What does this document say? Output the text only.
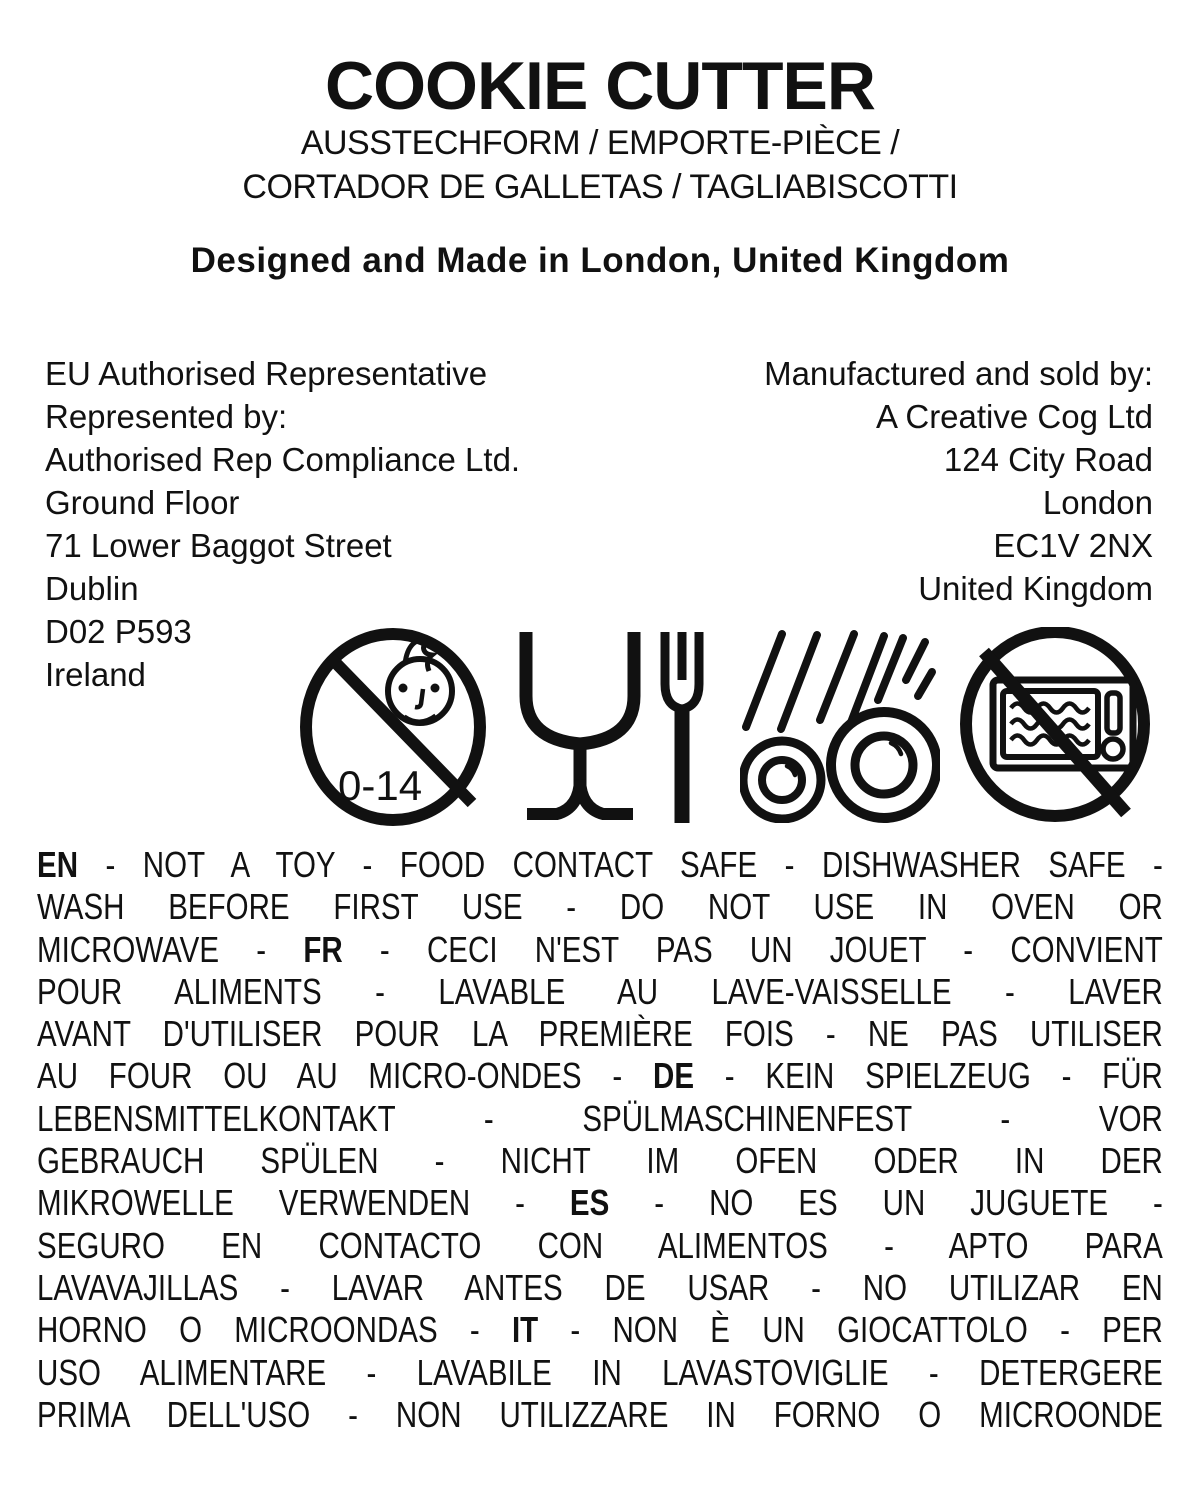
COOKIE CUTTER
AUSSTECHFORM / EMPORTE-PIÈCE /
CORTADOR DE GALLETAS / TAGLIABISCOTTI
Designed and Made in London, United Kingdom
EU Authorised Representative
Represented by:
Authorised Rep Compliance Ltd.
Ground Floor
71 Lower Baggot Street
Dublin
D02 P593
Ireland
Manufactured and sold by:
A Creative Cog Ltd
124 City Road
London
EC1V 2NX
United Kingdom
0-14
EN - NOT A TOY - FOOD CONTACT SAFE - DISHWASHER SAFE -
WASH BEFORE FIRST USE - DO NOT USE IN OVEN OR
MICROWAVE - FR - CECI N'EST PAS UN JOUET - CONVIENT
POUR ALIMENTS - LAVABLE AU LAVE-VAISSELLE - LAVER
AVANT D'UTILISER POUR LA PREMIÈRE FOIS - NE PAS UTILISER
AU FOUR OU AU MICRO-ONDES - DE - KEIN SPIELZEUG - FÜR
LEBENSMITTELKONTAKT - SPÜLMASCHINENFEST - VOR
GEBRAUCH SPÜLEN - NICHT IM OFEN ODER IN DER
MIKROWELLE VERWENDEN - ES - NO ES UN JUGUETE -
SEGURO EN CONTACTO CON ALIMENTOS - APTO PARA
LAVAVAJILLAS - LAVAR ANTES DE USAR - NO UTILIZAR EN
HORNO O MICROONDAS - IT - NON È UN GIOCATTOLO - PER
USO ALIMENTARE - LAVABILE IN LAVASTOVIGLIE - DETERGERE
PRIMA DELL'USO - NON UTILIZZARE IN FORNO O MICROONDE
